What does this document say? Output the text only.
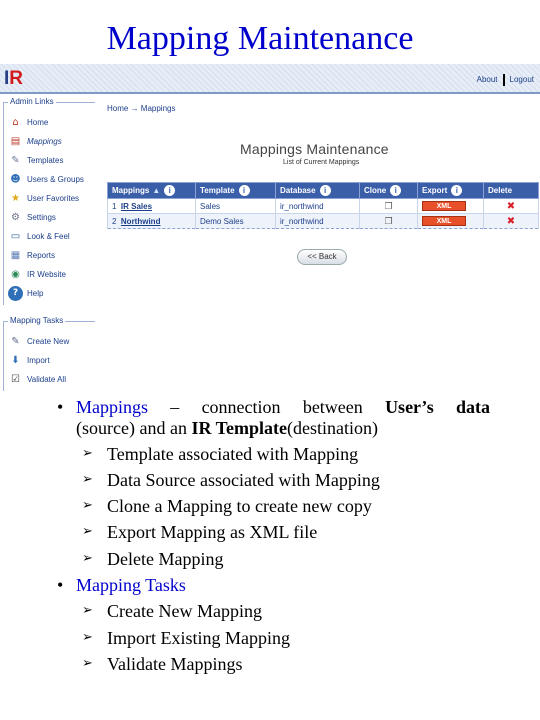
Mapping Maintenance
IR	About Logout
Admin Links
⌂	Home
▤ Mappings
✎ Templates
☻ Users & Groups
★ User Favorites
⚙ Settings
▭ Look & Feel
▦ Reports
◉ IR Website
?	Help
Mapping Tasks
✎ Create New
⬇ Import
☑ Validate All
Home → Mappings
Mappings Maintenance
List of Current Mappings
Mappings ▲ i	Template i	Database i	Clone i	Export i	Delete
1 IR Sales	Sales	ir_northwind	❐	XML	✖
2 Northwind	Demo Sales	ir_northwind	❐	XML	✖
<< Back
• Mappings – connection between User’s data
(source) and an
IR Template (destination)
➢ Template associated with Mapping
➢ Data Source associated with Mapping
➢ Clone a Mapping to create new copy
➢ Export Mapping as XML file
➢ Delete Mapping
• Mapping Tasks
➢ Create New Mapping
➢ Import Existing Mapping
➢ Validate Mappings
